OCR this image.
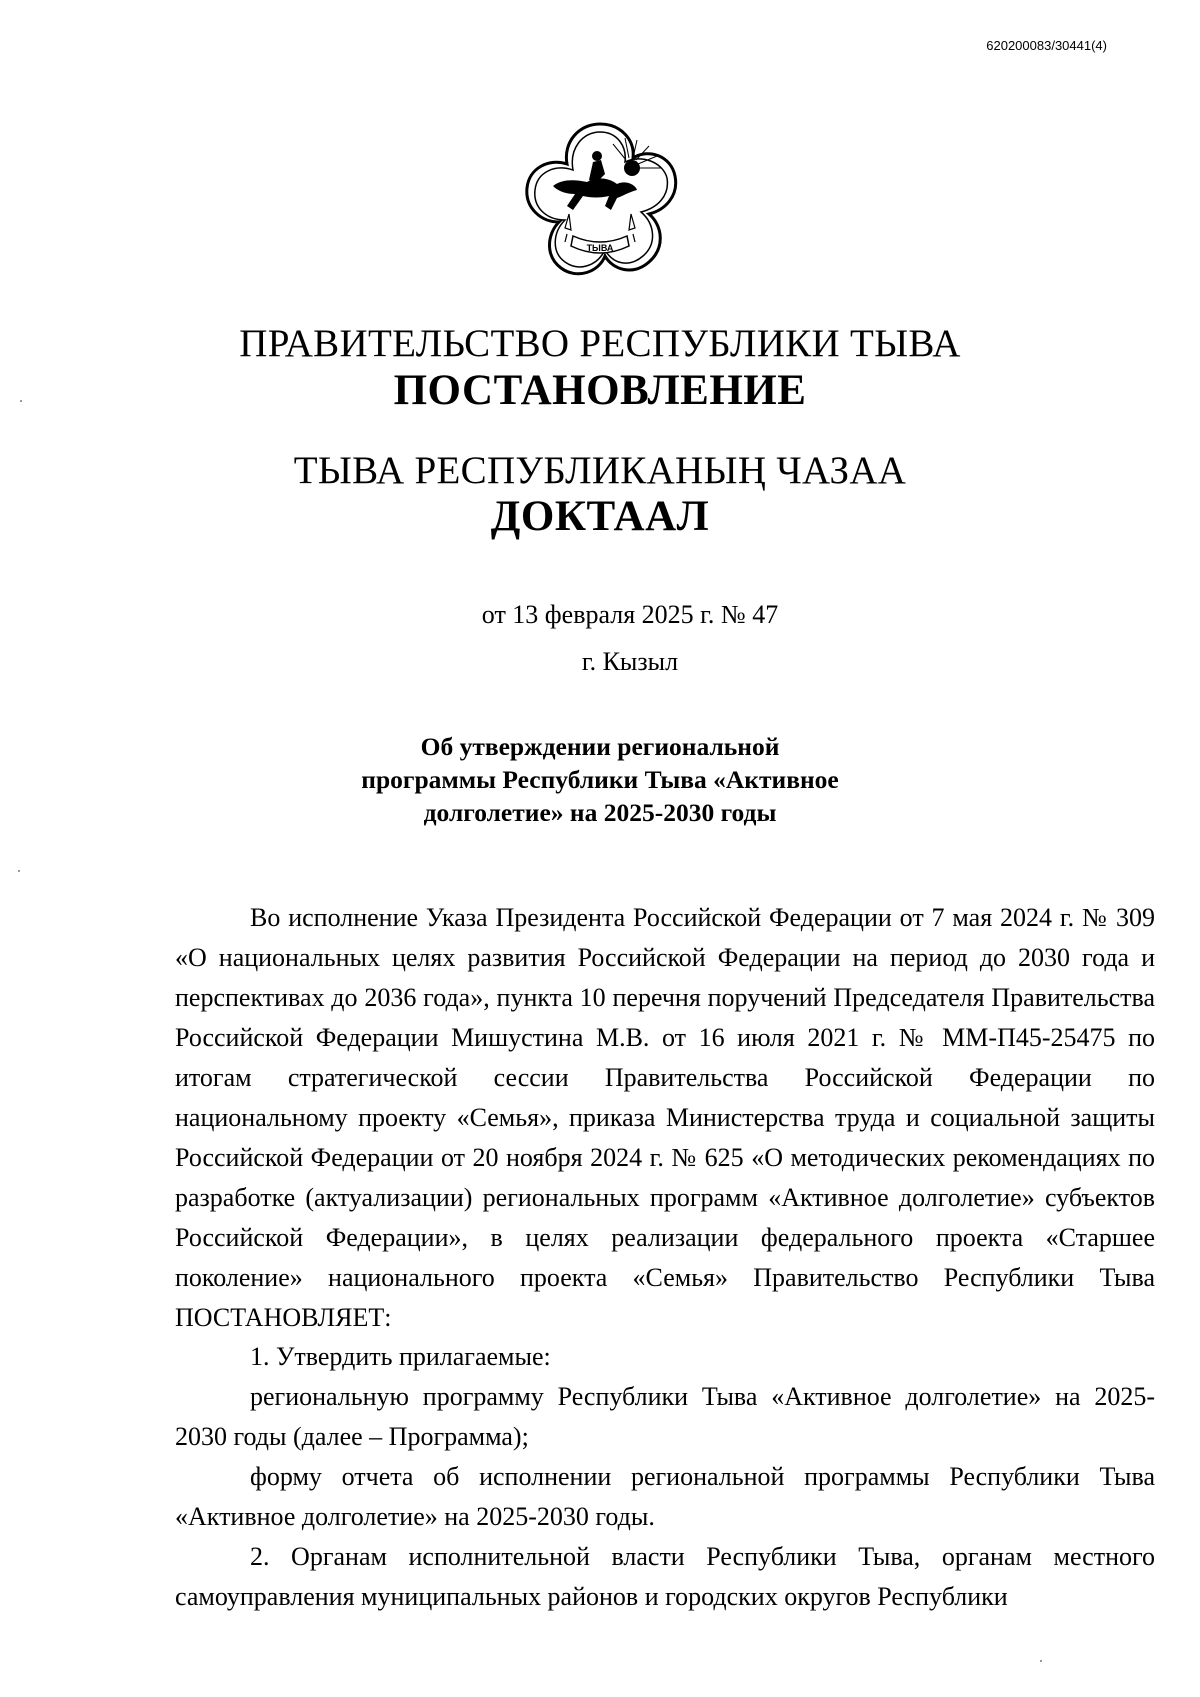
620200083/30441(4)
ТЫВА
ПРАВИТЕЛЬСТВО РЕСПУБЛИКИ ТЫВА
ПОСТАНОВЛЕНИЕ
ТЫВА РЕСПУБЛИКАНЫҢ ЧАЗАА
ДОКТААЛ
от 13 февраля 2025 г. № 47
г. Кызыл
Об утверждении региональной
программы Республики Тыва «Активное
долголетие» на 2025-2030 годы

Во исполнение Указа Президента Российской Федерации от 7 мая 2024 г. № 309 «О национальных целях развития Российской Федерации на период до 2030 года и перспективах до 2036 года», пункта 10 перечня поручений Председателя Правительства Российской Федерации Мишустина М.В. от 16 июля 2021 г. № ММ-П45-25475 по итогам стратегической сессии Правительства Российской Федерации по национальному проекту «Семья», приказа Министерства труда и социальной защиты Российской Федерации от 20 ноября 2024 г. № 625 «О методических рекомендациях по разработке (актуализации) региональных программ «Активное долголетие» субъектов Российской Федерации», в целях реализации федерального проекта «Старшее поколение» национального проекта «Семья» Правительство Республики Тыва ПОСТАНОВЛЯЕТ:

1. Утвердить прилагаемые:

региональную программу Республики Тыва «Активное долголетие» на 2025-2030 годы (далее – Программа);

форму отчета об исполнении региональной программы Республики Тыва «Активное долголетие» на 2025-2030 годы.

2. Органам исполнительной власти Республики Тыва, органам местного самоуправления муниципальных районов и городских округов Республики
